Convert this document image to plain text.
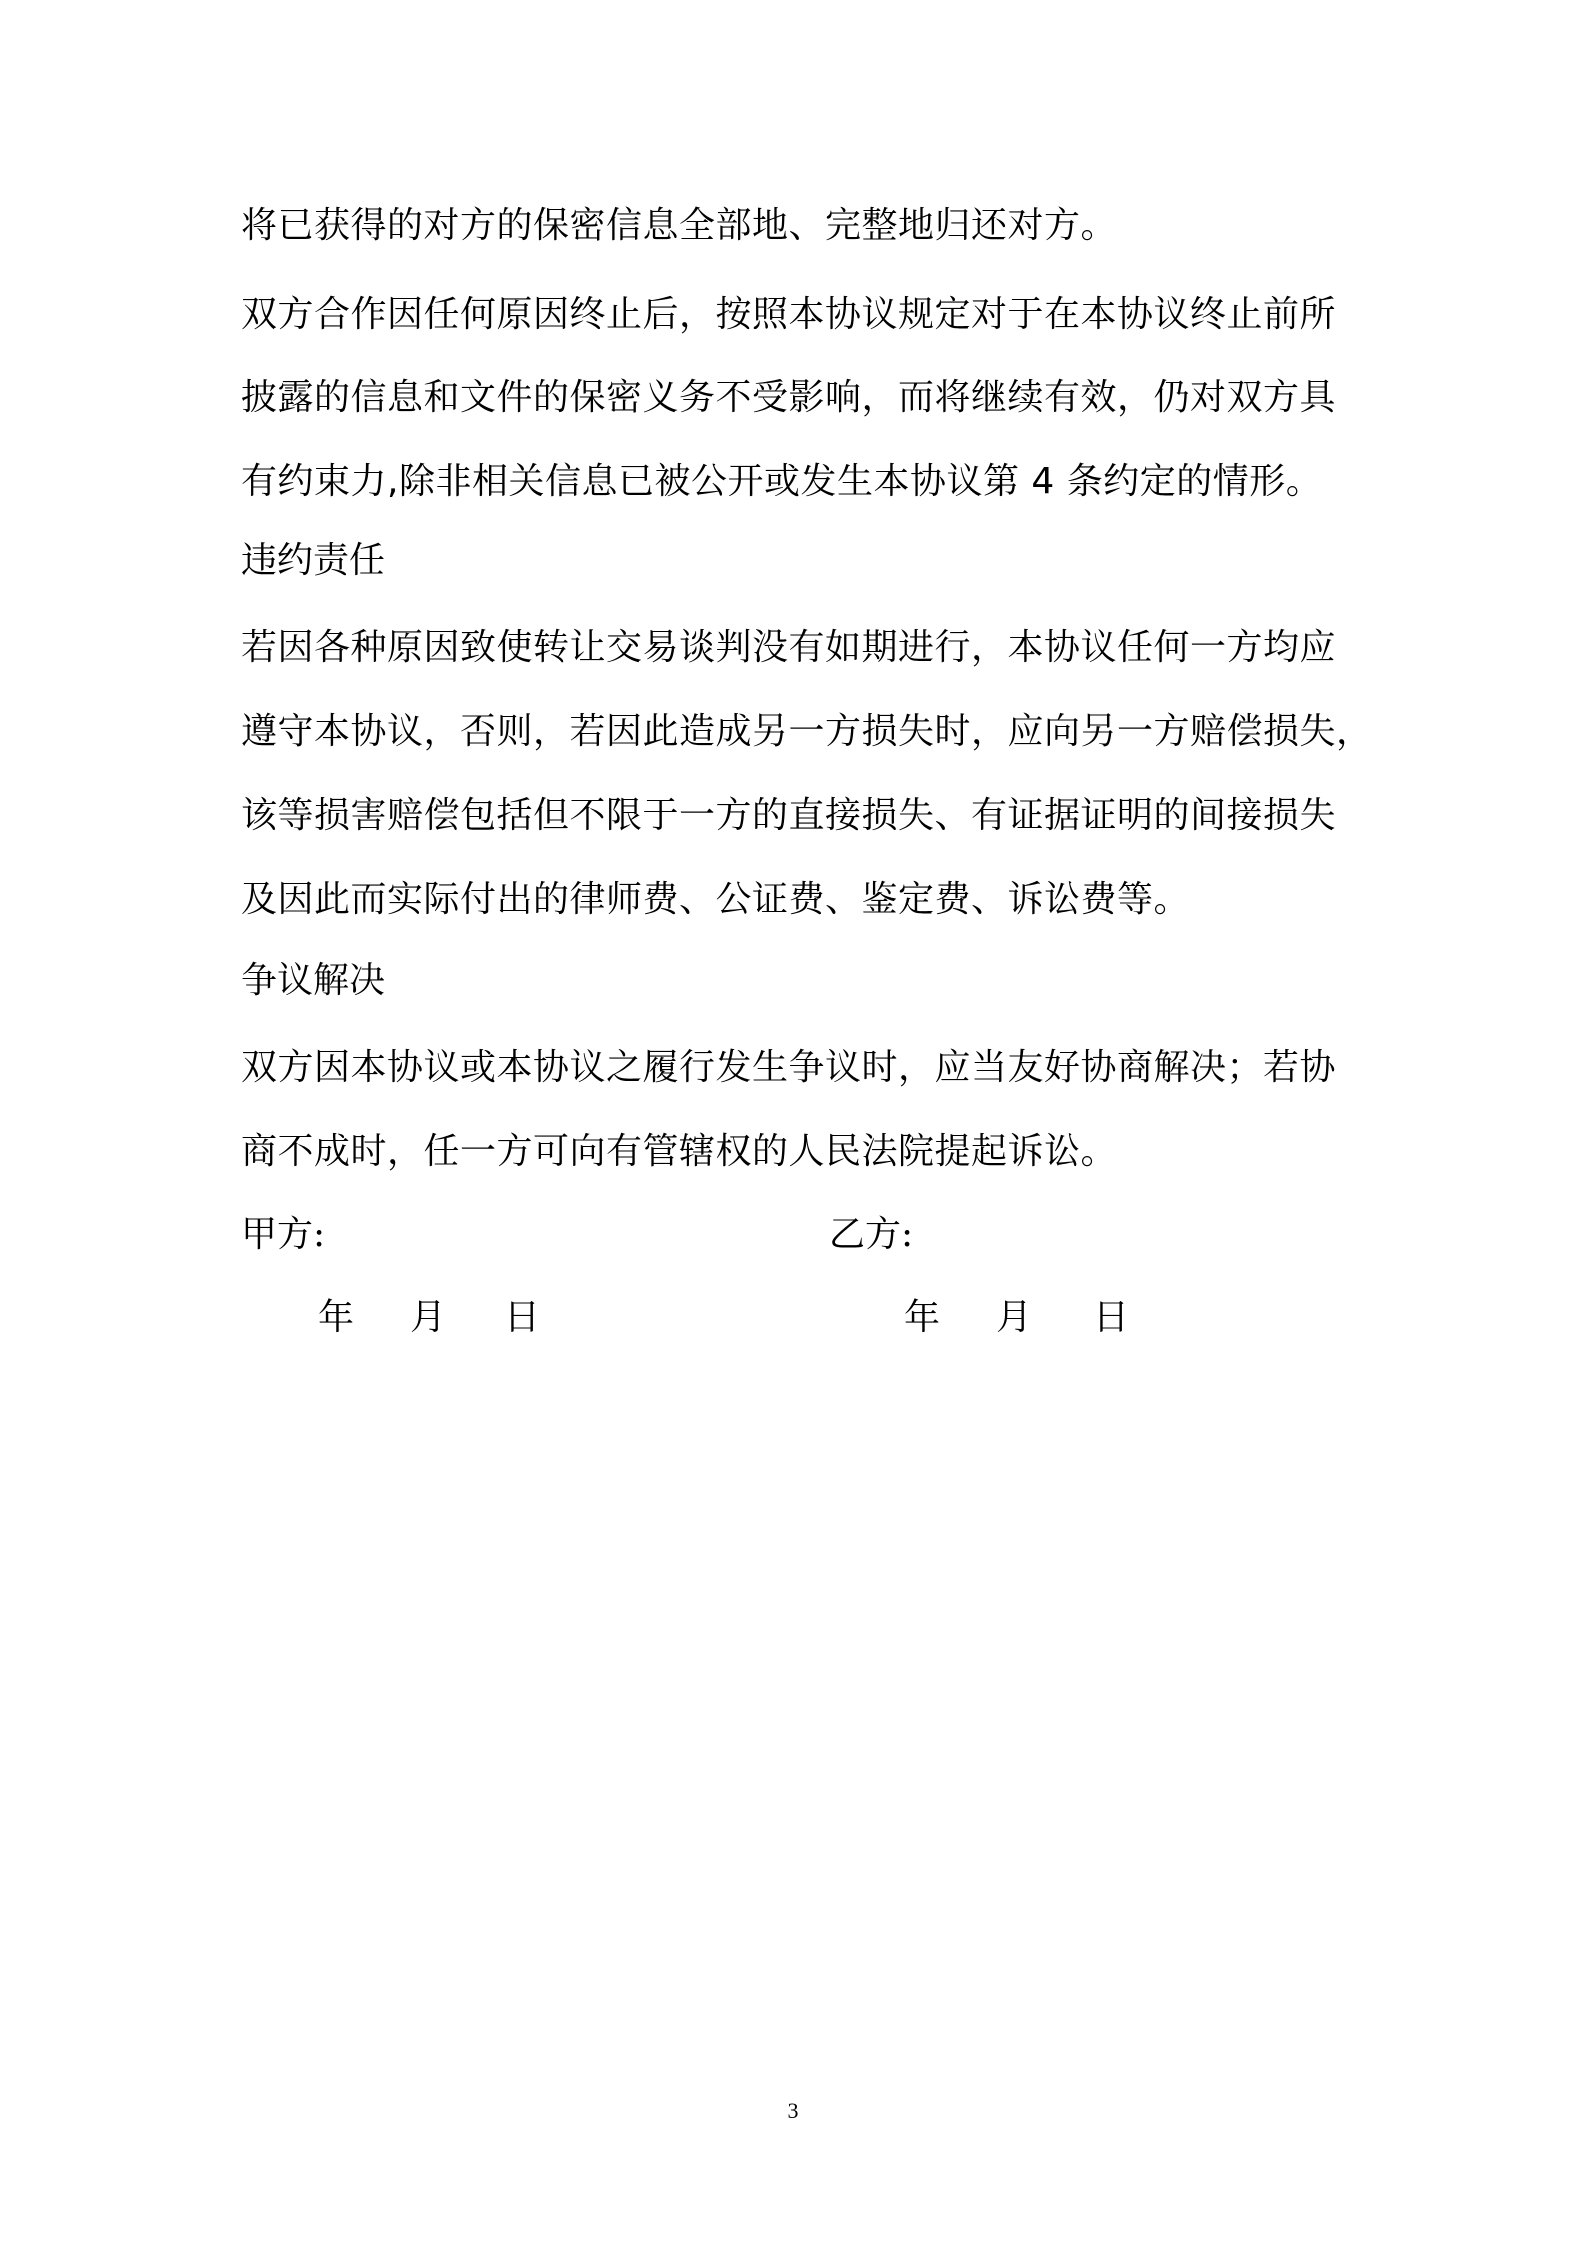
将已获得的对方的保密信息全部地、完整地归还对方。
双方合作因任何原因终止后，按照本协议规定对于在本协议终止前所
披露的信息和文件的保密义务不受影响，而将继续有效，仍对双方具
有约束力,除非相关信息已被公开或发生本协议第 4 条约定的情形。
违约责任
若因各种原因致使转让交易谈判没有如期进行，本协议任何一方均应
遵守本协议，否则，若因此造成另一方损失时，应向另一方赔偿损失，
该等损害赔偿包括但不限于一方的直接损失、有证据证明的间接损失
及因此而实际付出的律师费、公证费、鉴定费、诉讼费等。
争议解决
双方因本协议或本协议之履行发生争议时，应当友好协商解决；若协
商不成时，任一方可向有管辖权的人民法院提起诉讼。
甲方:	乙方:
年 月 日	年 月 日
3
